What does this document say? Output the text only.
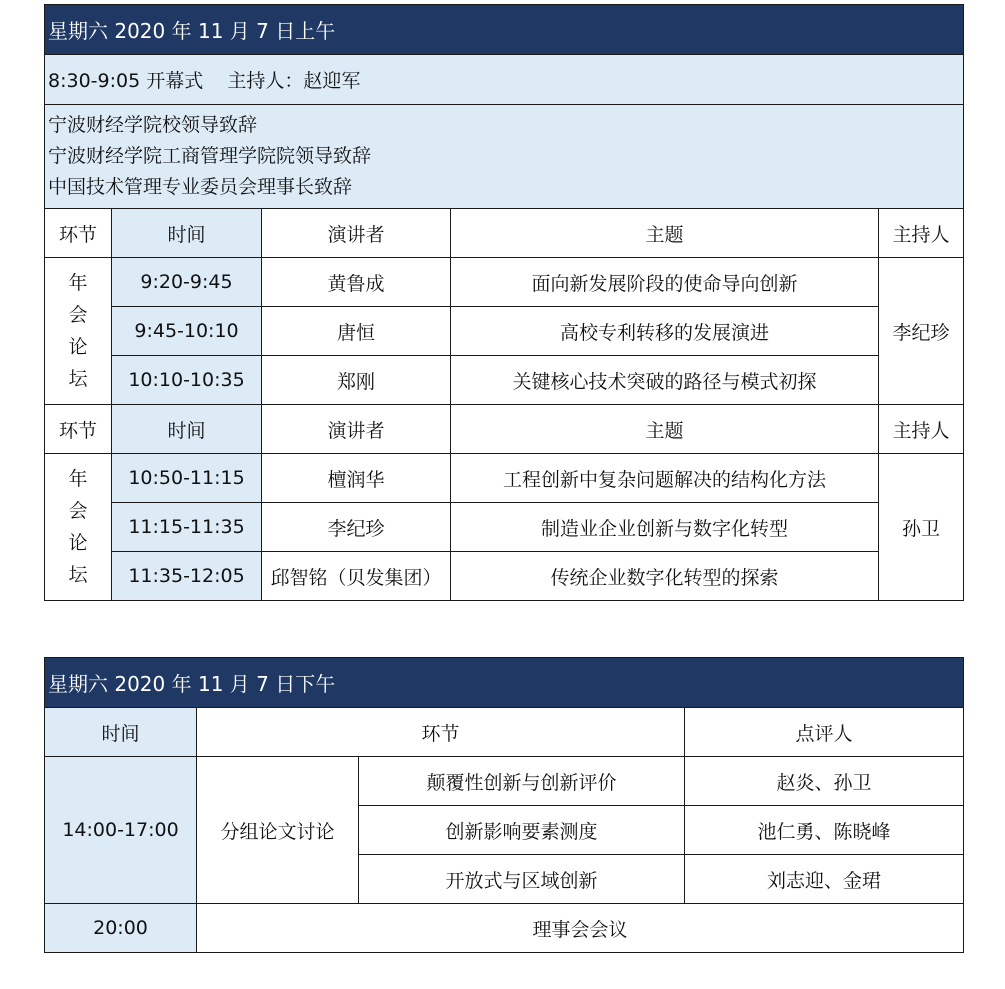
星期六 2020 年 11 月 7 日上午				
8:30-9:05 开幕式    主持人：赵迎军				

宁波财经学院校领导致辞
宁波财经学院工商管理学院院领导致辞
中国技术管理专业委员会理事长致辞				

环节	时间	演讲者	主题	主持人

年
会
论
坛	9:20-9:45	黄鲁成	面向新发展阶段的使命导向创新	李纪珍
	9:45-10:10	唐恒	高校专利转移的发展演进	
	10:10-10:35	郑刚	关键核心技术突破的路径与模式初探	
环节	时间	演讲者	主题	主持人

年
会
论
坛	10:50-11:15	檀润华	工程创新中复杂问题解决的结构化方法	孙卫
	11:15-11:35	李纪珍	制造业企业创新与数字化转型	
	11:35-12:05	邱智铭（贝发集团）	传统企业数字化转型的探索	
星期六 2020 年 11 月 7 日下午			
时间	环节		点评人
14:00-17:00	分组论文讨论	颠覆性创新与创新评价	赵炎、孙卫
		创新影响要素测度	池仁勇、陈晓峰
		开放式与区域创新	刘志迎、金珺
20:00	理事会会议		
